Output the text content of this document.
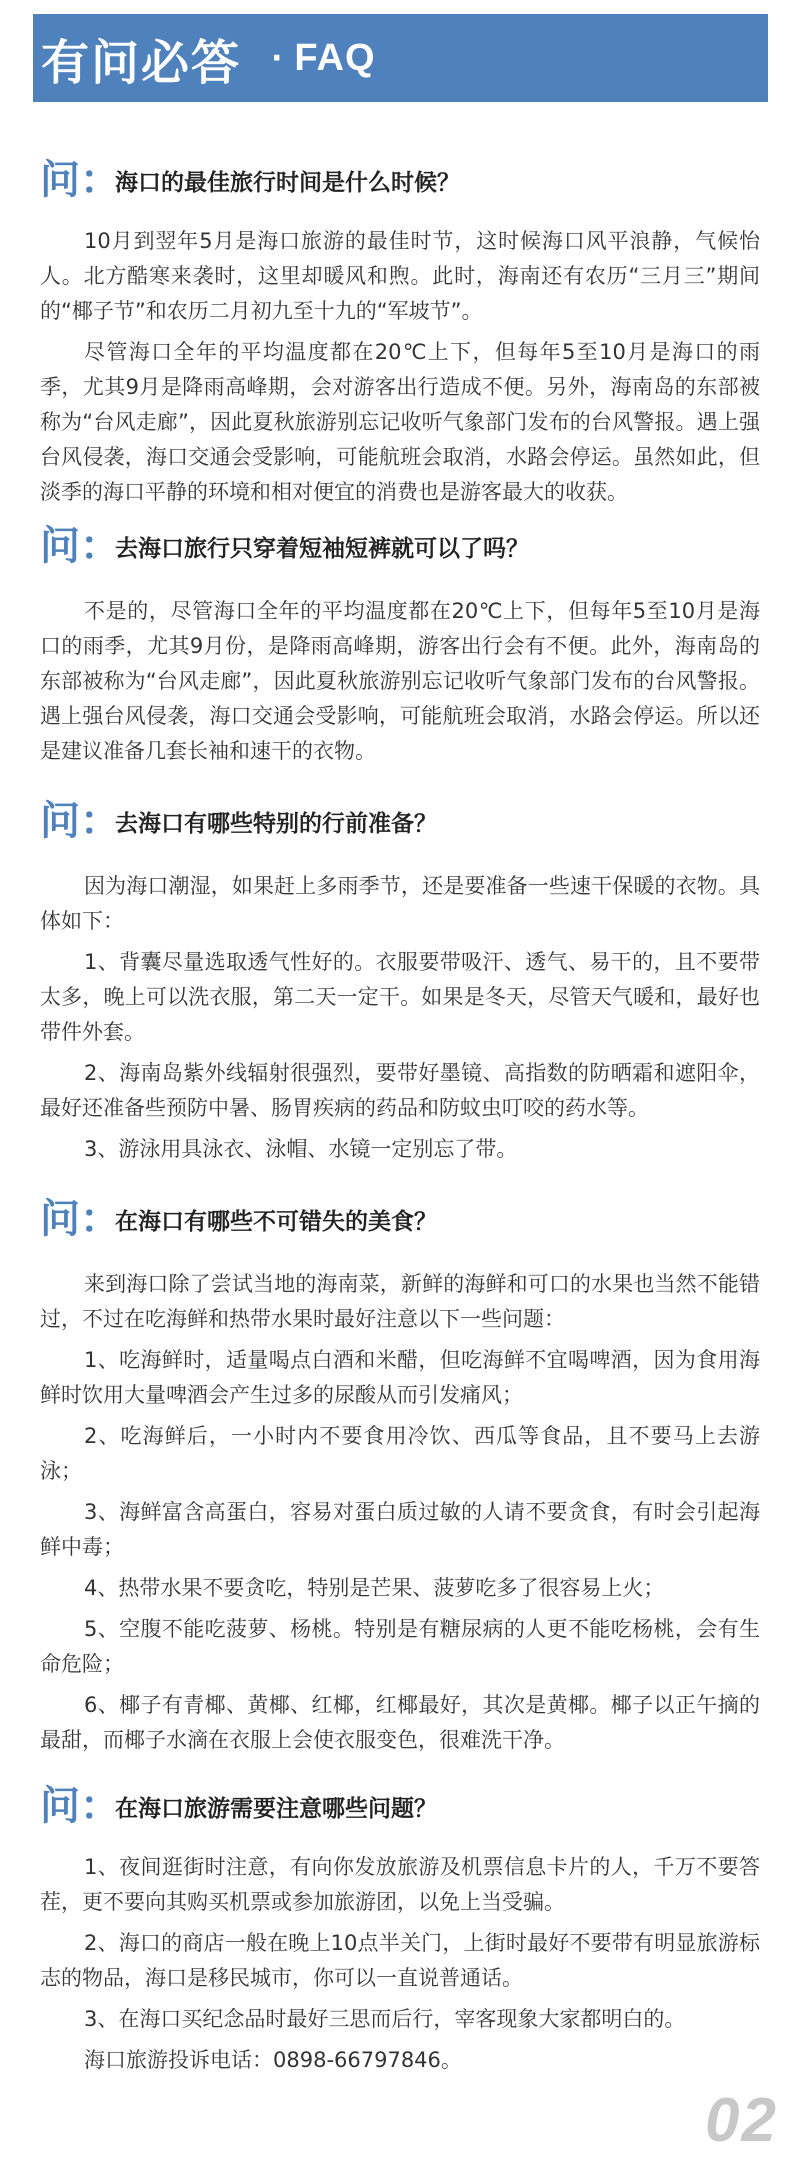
有问必答 · FAQ
问：
海口的最佳旅行时间是什么时候？

10月到翌年5月是海口旅游的最佳时节，这时候海口风平浪静，气候怡人。北方酷寒来袭时，这里却暖风和煦。此时，海南还有农历“三月三”期间的“椰子节”和农历二月初九至十九的“军坡节”。

尽管海口全年的平均温度都在20℃上下，但每年5至10月是海口的雨季，尤其9月是降雨高峰期，会对游客出行造成不便。另外，海南岛的东部被称为“台风走廊”，因此夏秋旅游别忘记收听气象部门发布的台风警报。遇上强台风侵袭，海口交通会受影响，可能航班会取消，水路会停运。虽然如此，但淡季的海口平静的环境和相对便宜的消费也是游客最大的收获。

问：
去海口旅行只穿着短袖短裤就可以了吗？

不是的，尽管海口全年的平均温度都在20℃上下，但每年5至10月是海口的雨季，尤其9月份，是降雨高峰期，游客出行会有不便。此外，海南岛的东部被称为“台风走廊”，因此夏秋旅游别忘记收听气象部门发布的台风警报。遇上强台风侵袭，海口交通会受影响，可能航班会取消，水路会停运。所以还是建议准备几套长袖和速干的衣物。

问：
去海口有哪些特别的行前准备？

因为海口潮湿，如果赶上多雨季节，还是要准备一些速干保暖的衣物。具体如下：

1、背囊尽量选取透气性好的。衣服要带吸汗、透气、易干的，且不要带太多，晚上可以洗衣服，第二天一定干。如果是冬天，尽管天气暖和，最好也带件外套。

2、海南岛紫外线辐射很强烈，要带好墨镜、高指数的防晒霜和遮阳伞，最好还准备些预防中暑、肠胃疾病的药品和防蚊虫叮咬的药水等。

3、游泳用具泳衣、泳帽、水镜一定别忘了带。

问：
在海口有哪些不可错失的美食？

来到海口除了尝试当地的海南菜，新鲜的海鲜和可口的水果也当然不能错过，不过在吃海鲜和热带水果时最好注意以下一些问题：

1、吃海鲜时，适量喝点白酒和米醋，但吃海鲜不宜喝啤酒，因为食用海鲜时饮用大量啤酒会产生过多的尿酸从而引发痛风；

2、吃海鲜后，一小时内不要食用冷饮、西瓜等食品，且不要马上去游泳；

3、海鲜富含高蛋白，容易对蛋白质过敏的人请不要贪食，有时会引起海鲜中毒；

4、热带水果不要贪吃，特别是芒果、菠萝吃多了很容易上火；

5、空腹不能吃菠萝、杨桃。特别是有糖尿病的人更不能吃杨桃，会有生命危险；

6、椰子有青椰、黄椰、红椰，红椰最好，其次是黄椰。椰子以正午摘的最甜，而椰子水滴在衣服上会使衣服变色，很难洗干净。

问：
在海口旅游需要注意哪些问题？

1、夜间逛街时注意，有向你发放旅游及机票信息卡片的人，千万不要答茬，更不要向其购买机票或参加旅游团，以免上当受骗。

2、海口的商店一般在晚上10点半关门，上街时最好不要带有明显旅游标志的物品，海口是移民城市，你可以一直说普通话。

3、在海口买纪念品时最好三思而后行，宰客现象大家都明白的。

海口旅游投诉电话：0898-66797846。

02
